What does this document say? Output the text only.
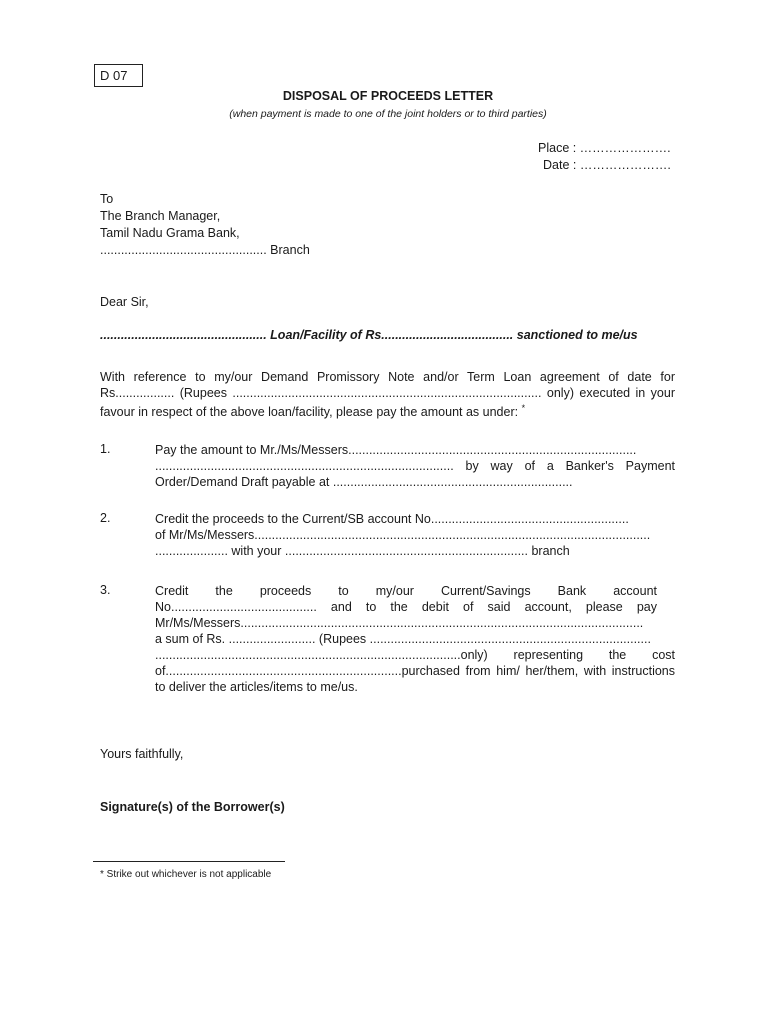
D 07
DISPOSAL OF PROCEEDS LETTER
(when payment is made to one of the joint holders or to third parties)
Place : ………………….
Date : ………………….
To
The Branch Manager,
Tamil Nadu Grama Bank,
................................................ Branch
Dear Sir,
................................................ Loan/Facility of Rs...................................... sanctioned to me/us
With reference to my/our Demand Promissory Note and/or Term Loan agreement of date for
Rs................. (Rupees ......................................................................................... only) executed in your
favour in respect of the above loan/facility, please pay the amount as under: *
1.	Pay the amount to Mr./Ms/Messers...................................................................................
...................................................................................... by way of a Banker's Payment
Order/Demand Draft payable at .....................................................................
2.	Credit the proceeds to the Current/SB account No.........................................................
of Mr/Ms/Messers..................................................................................................................
..................... with your ...................................................................... branch
3.	Credit the proceeds to my/our Current/Savings Bank account
No.......................................... and to the debit of said account, please pay
Mr/Ms/Messers....................................................................................................................
a sum of Rs. ......................... (Rupees .................................................................................
........................................................................................only) representing the cost
of....................................................................purchased from him/ her/them, with instructions
to deliver the articles/items to me/us.
Yours faithfully,
Signature(s) of the Borrower(s)
* Strike out whichever is not applicable
